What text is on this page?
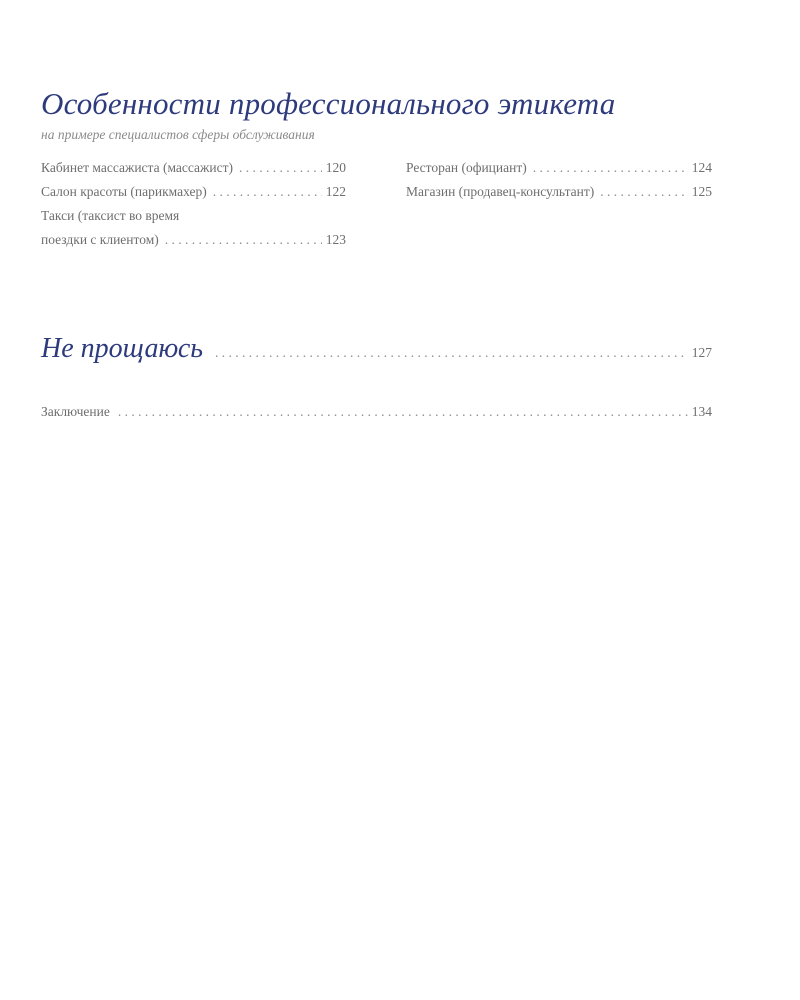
Особенности профессионального этикета
на примере специалистов сферы обслуживания
Кабинет массажиста (массажист) . . .	120
Салон красоты (парикмахер) . . .	122
Такси (таксист во время
поездки с клиентом) . . .	123
Ресторан (официант) . . .	124
Магазин (продавец-консультант) . . .	125
Не прощаюсь . . .	127
Заключение . . .	134
